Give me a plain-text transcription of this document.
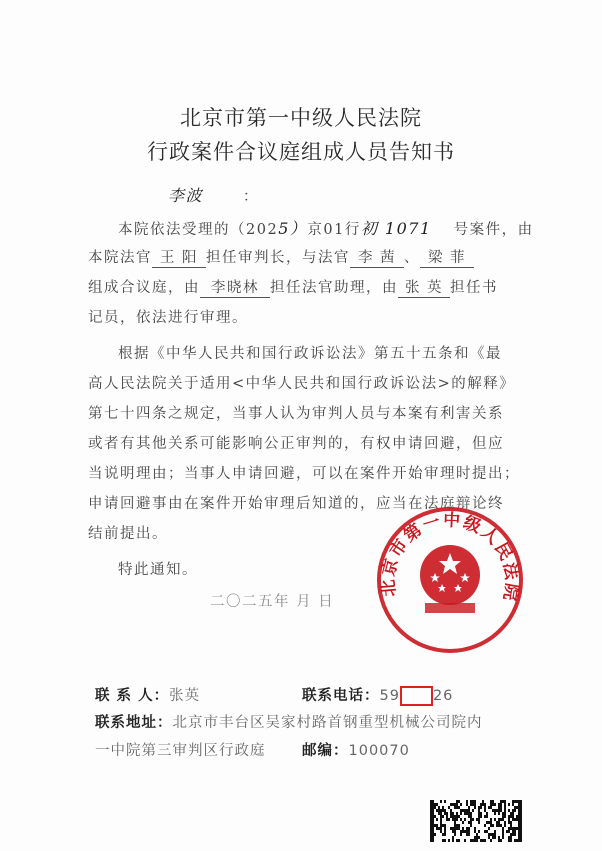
北京市第一中级人民法院
行政案件合议庭组成人员告知书
李波	：
本院依法受理的（2025）京01行初 1071 号案件，由
本院法官 王 阳 担任审判长，与法官 李 茜 、 梁 菲
组成合议庭，由 李晓林 担任法官助理，由 张 英 担任书
记员，依法进行审理。
根据《中华人民共和国行政诉讼法》第五十五条和《最
高人民法院关于适用<中华人民共和国行政诉讼法>的解释》
第七十四条之规定，当事人认为审判人员与本案有利害关系
或者有其他关系可能影响公正审判的，有权申请回避，但应
当说明理由；当事人申请回避，可以在案件开始审理时提出；
申请回避事由在案件开始审理后知道的，应当在法庭辩论终
结前提出。
特此通知。
二〇二五年 月 日
北京市第一中级人民法院
联 系 人：张英	联系电话：59 26
联系地址：北京市丰台区吴家村路首钢重型机械公司院内
一中院第三审判区行政庭	邮编：100070
